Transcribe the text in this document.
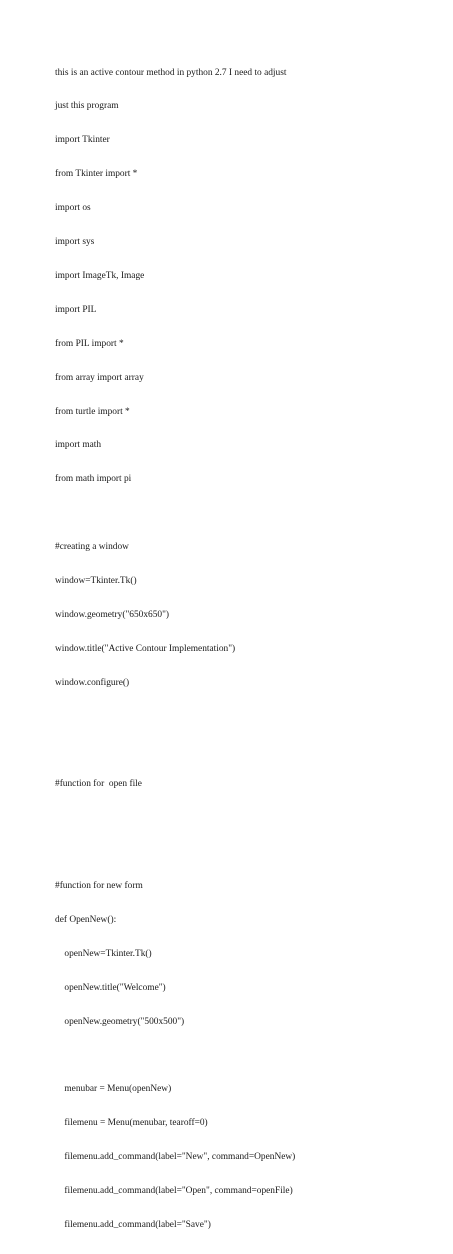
this is an active contour method in python 2.7 I need to adjust

just this program

import Tkinter

from Tkinter import *

import os

import sys

import ImageTk, Image

import PIL

from PIL import *

from array import array

from turtle import *

import math

from math import pi

#creating a window

window=Tkinter.Tk()

window.geometry("650x650")

window.title("Active Contour Implementation")

window.configure()

#function for  open file

#function for new form

def OpenNew():

openNew=Tkinter.Tk()

openNew.title("Welcome")

openNew.geometry("500x500")

menubar = Menu(openNew)

filemenu = Menu(menubar, tearoff=0)

filemenu.add_command(label="New", command=OpenNew)

filemenu.add_command(label="Open", command=openFile)

filemenu.add_command(label="Save")
